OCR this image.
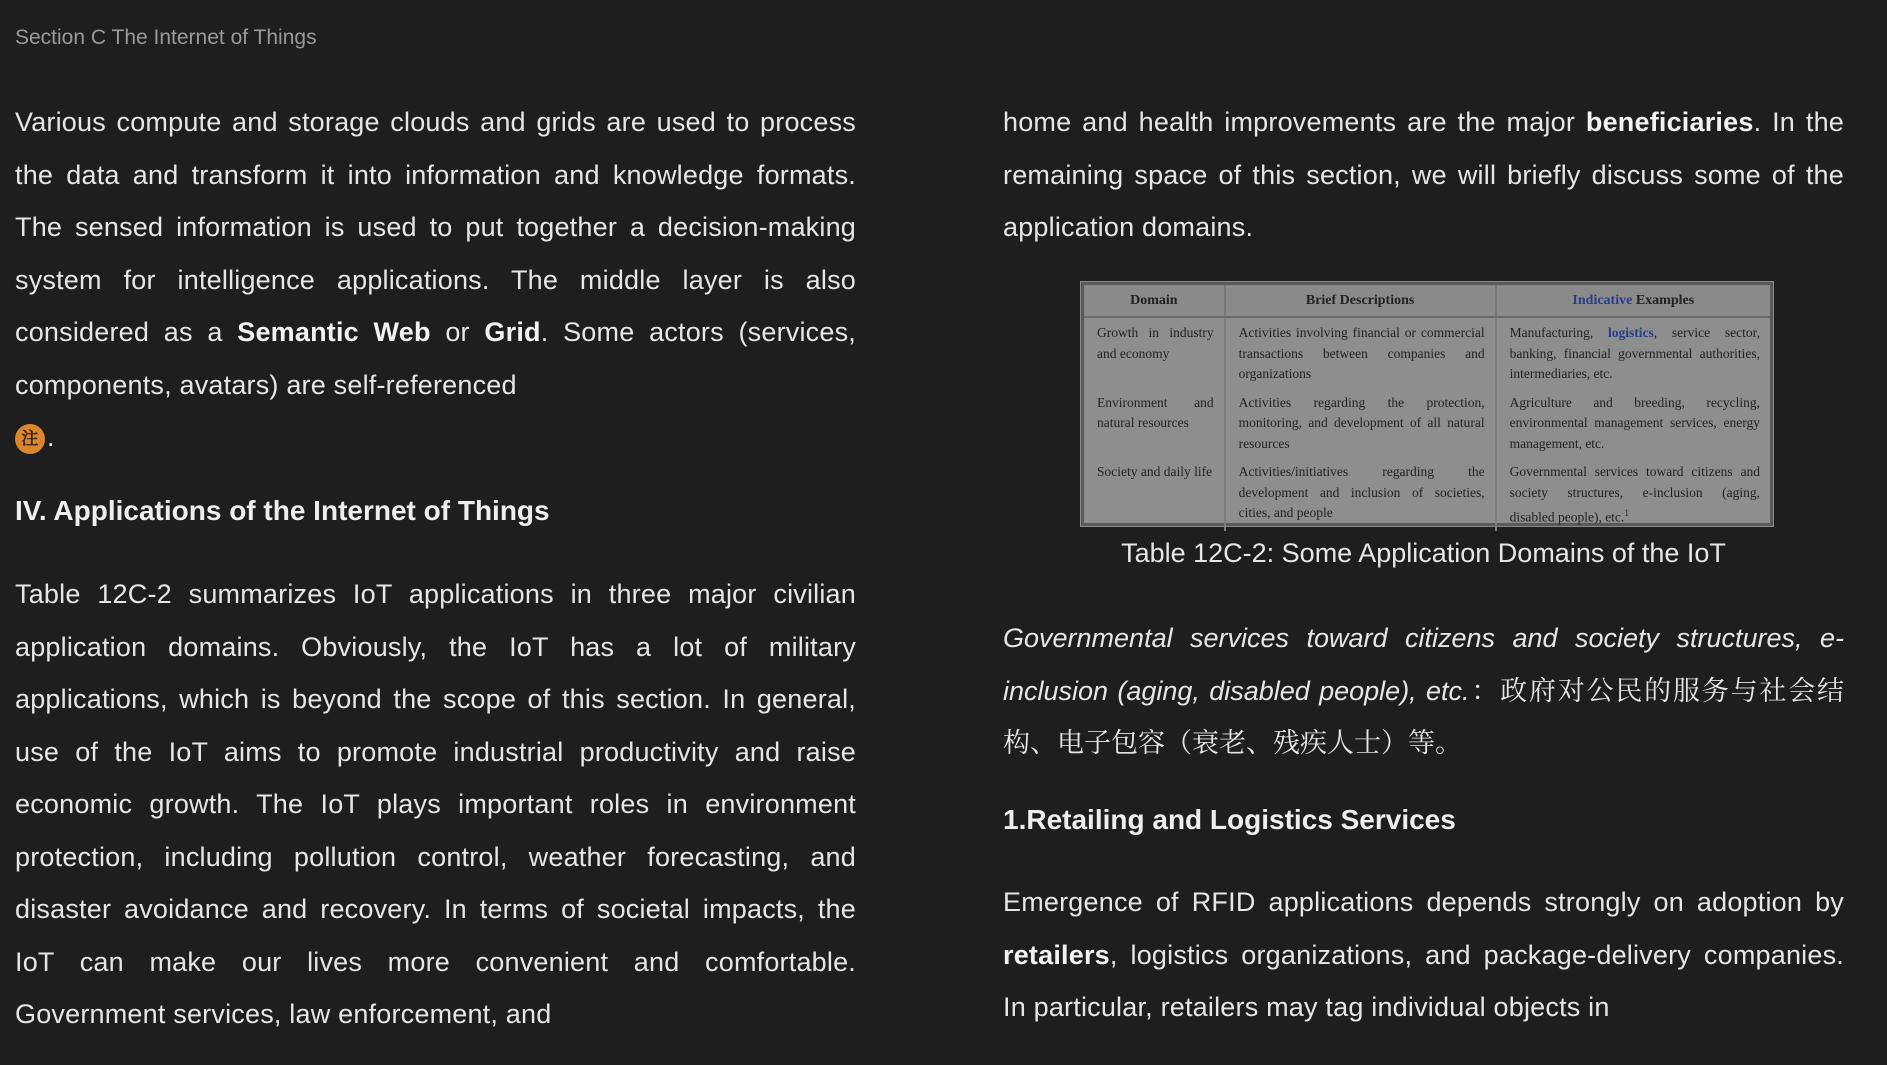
Section C The Internet of Things

Various compute and storage clouds and grids are used to process the data and transform it into information and knowledge formats. The sensed information is used to put together a decision-making system for intelligence applications. The middle layer is also considered as a Semantic Web or Grid. Some actors (services, components, avatars) are self-referenced
注 .

IV. Applications of the Internet of Things

Table 12C-2 summarizes IoT applications in three major civilian application domains. Obviously, the IoT has a lot of military applications, which is beyond the scope of this section. In general, use of the IoT aims to promote industrial productivity and raise economic growth. The IoT plays important roles in environment protection, including pollution control, weather forecasting, and disaster avoidance and recovery. In terms of societal impacts, the IoT can make our lives more convenient and comfortable. Government services, law enforcement, and

home and health improvements are the major beneficiaries. In the remaining space of this section, we will briefly discuss some of the application domains.

Domain	Brief Descriptions	Indicative Examples
Growth in industry and economy	Activities involving financial or commercial transactions between companies and organizations	Manufacturing, logistics, service sector, banking, financial governmental authorities, intermediaries, etc.
Environment and natural resources	Activities regarding the protection, monitoring, and development of all natural resources	Agriculture and breeding, recycling, environmental management services, energy management, etc.
Society and daily life	Activities/initiatives regarding the development and inclusion of societies, cities, and people	Governmental services toward citizens and society structures, e-inclusion (aging, disabled people), etc.$^1$
Table 12C-2: Some Application Domains of the IoT

Governmental services toward citizens and society structures, e-inclusion (aging, disabled people), etc.：政府对公民的服务与社会结构、电子包容（衰老、残疾人士）等。

1.Retailing and Logistics Services

Emergence of RFID applications depends strongly on adoption by retailers, logistics organizations, and package-delivery companies. In particular, retailers may tag individual objects in
